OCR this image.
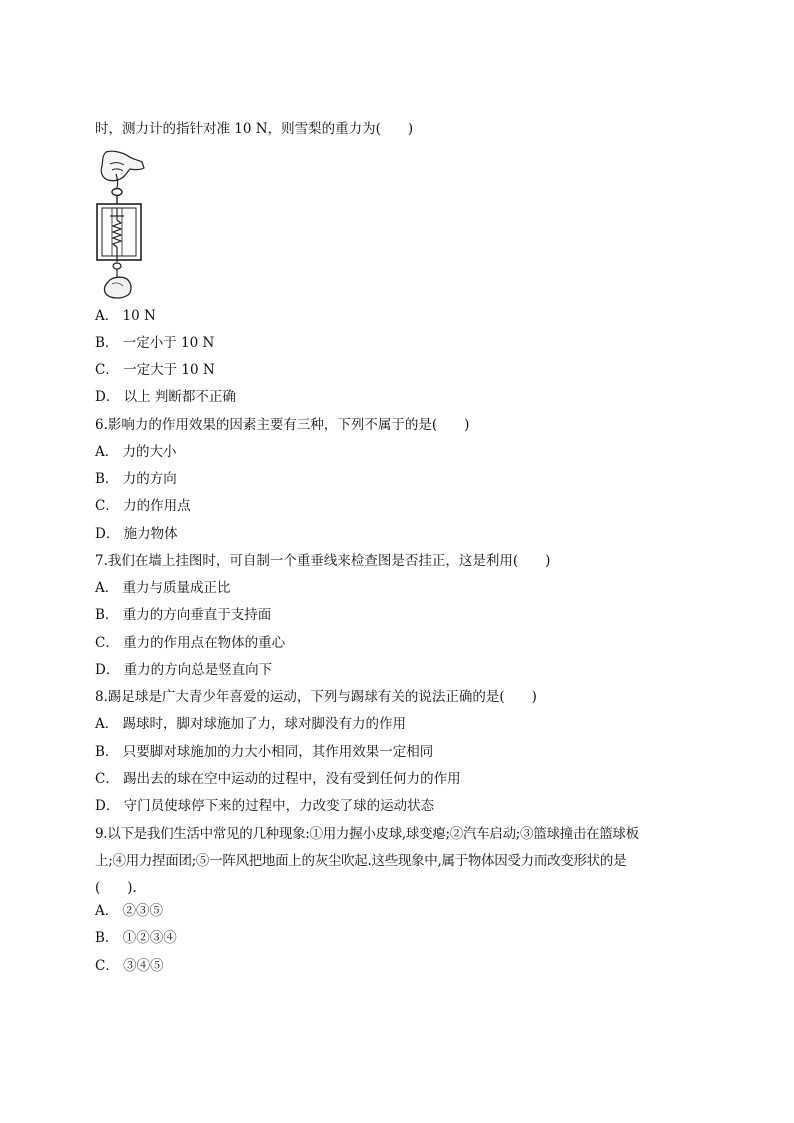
时，测力计的指针对准 10 N，则雪梨的重力为(　　)
A． 10 N
B． 一定小于 10 N
C． 一定大于 10 N
D． 以上 判断都不正确
6.影响力的作用效果的因素主要有三种，下列不属于的是(　　)
A． 力的大小
B． 力的方向
C． 力的作用点
D． 施力物体
7.我们在墙上挂图时，可自制一个重垂线来检查图是否挂正，这是利用(　　)
A． 重力与质量成正比
B． 重力的方向垂直于支持面
C． 重力的作用点在物体的重心
D． 重力的方向总是竖直向下
8.踢足球是广大青少年喜爱的运动，下列与踢球有关的说法正确的是(　　)
A． 踢球时，脚对球施加了力，球对脚没有力的作用
B． 只要脚对球施加的力大小相同，其作用效果一定相同
C． 踢出去的球在空中运动的过程中，没有受到任何力的作用
D． 守门员使球停下来的过程中，力改变了球的运动状态
9.以下是我们生活中常见的几种现象:①用力握小皮球,球变瘪;②汽车启动;③篮球撞击在篮球板
上;④用力捏面团;⑤一阵风把地面上的灰尘吹起.这些现象中,属于物体因受力而改变形状的是
(　　).
A． ②③⑤
B． ①②③④
C． ③④⑤
